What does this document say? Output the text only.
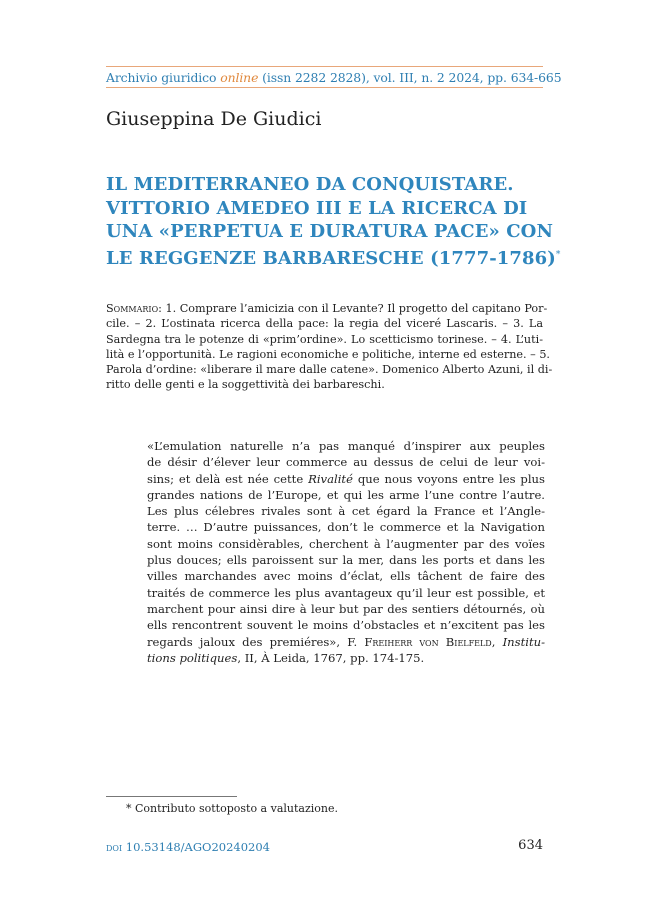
Archivio giuridico online (issn 2282 2828), vol. III, n. 2 2024, pp. 634-665
Giuseppina De Giudici
IL MEDITERRANEO DA CONQUISTARE.
VITTORIO AMEDEO III E LA RICERCA DI
UNA «PERPETUA E DURATURA PACE» CON
LE REGGENZE BARBARESCHE (1777-1786)*
Sommario: 1. Comprare l’amicizia con il Levante? Il progetto del capitano Por-
cile. – 2. L’ostinata ricerca della pace: la regia del viceré Lascaris. – 3. La
Sardegna tra le potenze di «prim’ordine». Lo scetticismo torinese. – 4. L’uti-
lità e l’opportunità. Le ragioni economiche e politiche, interne ed esterne. – 5.
Parola d’ordine: «liberare il mare dalle catene». Domenico Alberto Azuni, il di-
ritto delle genti e la soggettività dei barbareschi.
«L’emulation naturelle n’a pas manqué d’inspirer aux peuples
de désir d’élever leur commerce au dessus de celui de leur voi-
sins; et delà est née cette Rivalité que nous voyons entre les plus
grandes nations de l’Europe, et qui les arme l’une contre l’autre.
Les plus célebres rivales sont à cet égard la France et l’Angle-
terre. … D’autre puissances, don’t le commerce et la Navigation
sont moins considèrables, cherchent à l’augmenter par des voïes
plus douces; ells paroissent sur la mer, dans les ports et dans les
villes marchandes avec moins d’éclat, ells tâchent de faire des
traités de commerce les plus avantageux qu’il leur est possible, et
marchent pour ainsi dire à leur but par des sentiers détournés, où
ells rencontrent souvent le moins d’obstacles et n’excitent pas les
regards jaloux des premiéres», F. Freiherr von Bielfeld, Institu-
tions politiques, II, À Leida, 1767, pp. 174-175.
* Contributo sottoposto a valutazione.
doi 10.53148/AGO20240204	634
